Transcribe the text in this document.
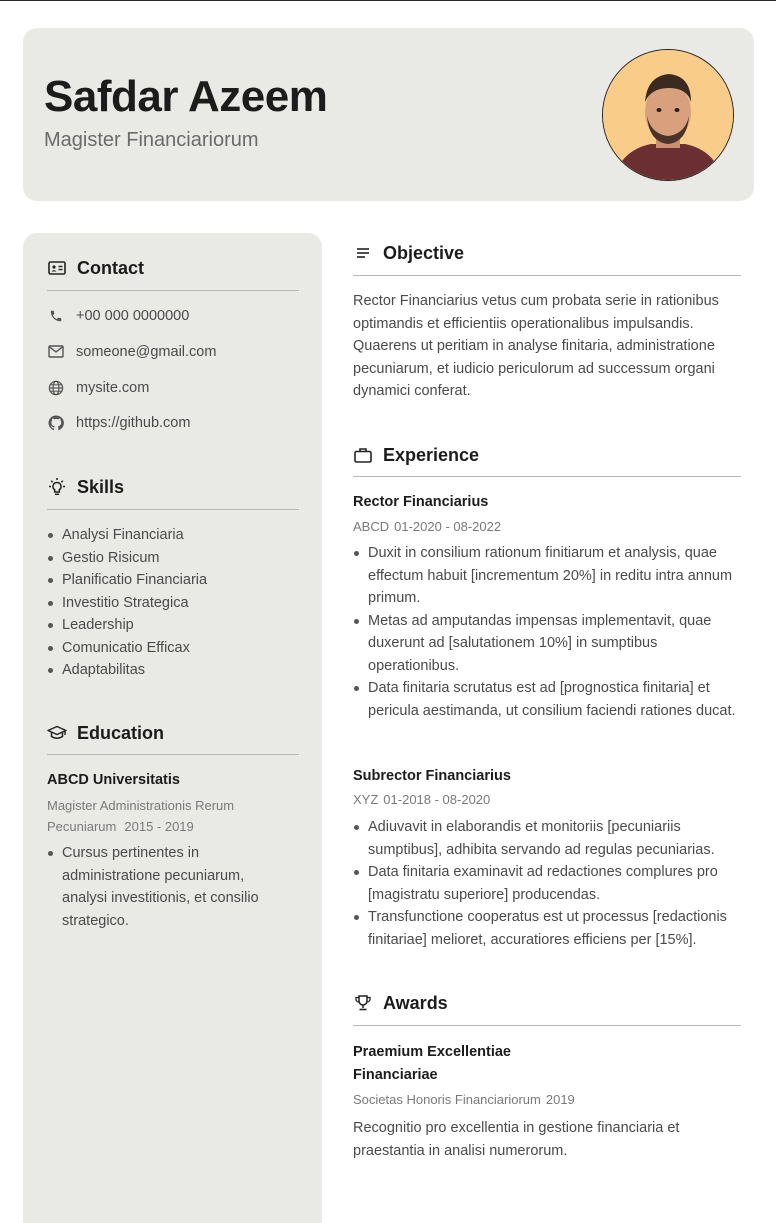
Safdar Azeem
Magister Financiariorum
Contact
+00 000 0000000
someone@gmail.com
mysite.com
https://github.com
Skills
Analysi Financiaria
Gestio Risicum
Planificatio Financiaria
Investitio Strategica
Leadership
Comunicatio Efficax
Adaptabilitas
Education
ABCD Universitatis
Magister Administrationis Rerum Pecuniarum 2015 - 2019
Cursus pertinentes in administratione pecuniarum, analysi investitionis, et consilio strategico.
Objective

Rector Financiarius vetus cum probata serie in rationibus optimandis et efficientiis operationalibus impulsandis. Quaerens ut peritiam in analyse finitaria, administratione pecuniarum, et iudicio periculorum ad successum organi dynamici conferat.

Experience
Rector Financiarius
ABCD 01-2020 - 08-2022
Duxit in consilium rationum finitiarum et analysis, quae effectum habuit [incrementum 20%] in reditu intra annum primum.
Metas ad amputandas impensas implementavit, quae duxerunt ad [salutationem 10%] in sumptibus operationibus.
Data finitaria scrutatus est ad [prognostica finitaria] et pericula aestimanda, ut consilium faciendi rationes ducat.
Subrector Financiarius
XYZ 01-2018 - 08-2020
Adiuvavit in elaborandis et monitoriis [pecuniariis sumptibus], adhibita servando ad regulas pecuniarias.
Data finitaria examinavit ad redactiones complures pro [magistratu superiore] producendas.
Transfunctione cooperatus est ut processus [redactionis finitariae] melioret, accuratiores efficiens per [15%].
Awards
Praemium Excellentiae Financiariae
Societas Honoris Financiariorum 2019

Recognitio pro excellentia in gestione financiaria et praestantia in analisi numerorum.
